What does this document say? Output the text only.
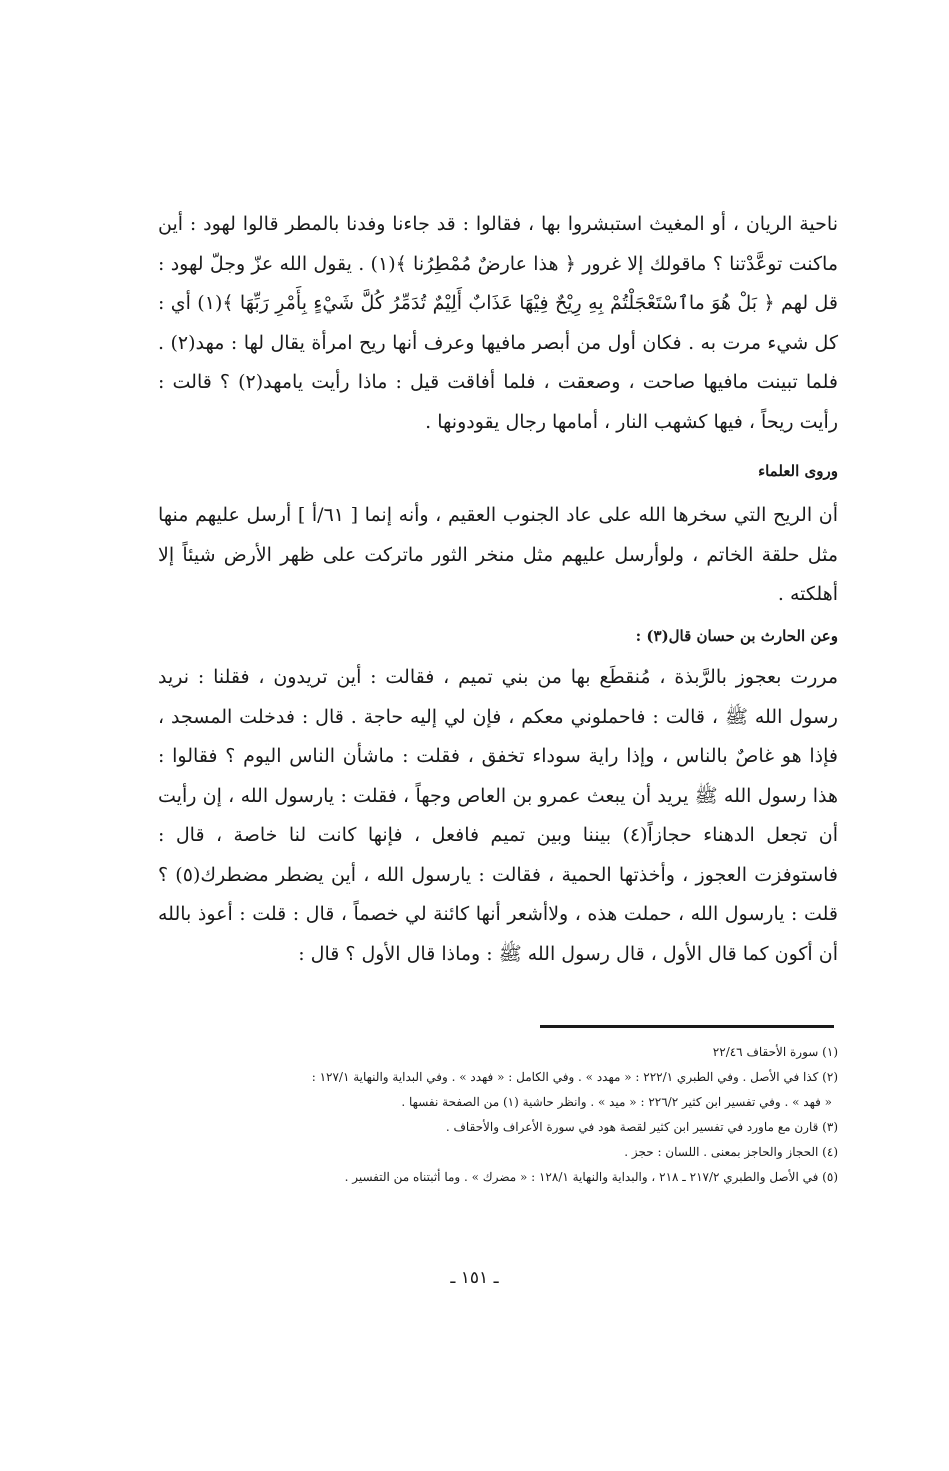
ناحية الريان ، أو المغيث استبشروا بها ، فقالوا : قد جاءنا وفدنا بالمطر قالوا لهود : أين ماكنت توعَّدْتنا ؟ ماقولك إلا غرور ﴿ هذا عارضٌ مُمْطِرُنا ﴾(١) . يقول الله عزّ وجلّ لهود : قل لهم ﴿ بَلْ هُوَ ماٱسْتَعْجَلْتُمْ بِهِ رِيْحٌ فِيْهَا عَذَابٌ أَلِيْمٌ تُدَمِّرُ كُلَّ شَيْءٍ بِأَمْرِ رَبِّهَا ﴾(١) أي : كل شيء مرت به . فكان أول من أبصر مافيها وعرف أنها ريح امرأة يقال لها : مهد(٢) . فلما تبينت مافيها صاحت ، وصعقت ، فلما أفاقت قيل : ماذا رأيت يامهد(٢) ؟ قالت : رأيت ريحاً ، فيها كشهب النار ، أمامها رجال يقودونها .

وروى العلماء

أن الريح التي سخرها الله على عاد الجنوب العقيم ، وأنه إنما [ ٦١/أ ] أرسل عليهم منها مثل حلقة الخاتم ، ولوأرسل عليهم مثل منخر الثور ماتركت على ظهر الأرض شيئاً إلا أهلكته .

وعن الحارث بن حسان قال(٣) :

مررت بعجوز بالرَّبذة ، مُنقطَع بها من بني تميم ، فقالت : أين تريدون ، فقلنا : نريد رسول الله ﷺ ، قالت : فاحملوني معكم ، فإن لي إليه حاجة . قال : فدخلت المسجد ، فإذا هو غاصٌ بالناس ، وإذا راية سوداء تخفق ، فقلت : ماشأن الناس اليوم ؟ فقالوا : هذا رسول الله ﷺ يريد أن يبعث عمرو بن العاص وجهاً ، فقلت : يارسول الله ، إن رأيت أن تجعل الدهناء حجازاً(٤) بيننا وبين تميم فافعل ، فإنها كانت لنا خاصة ، قال : فاستوفزت العجوز ، وأخذتها الحمية ، فقالت : يارسول الله ، أين يضطر مضطرك(٥) ؟ قلت : يارسول الله ، حملت هذه ، ولاأشعر أنها كائنة لي خصماً ، قال : قلت : أعوذ بالله أن أكون كما قال الأول ، قال رسول الله ﷺ : وماذا قال الأول ؟ قال :

(١) سورة الأحقاف ٢٢/٤٦
(٢) كذا في الأصل . وفي الطبري ٢٢٢/١ : « مهدد » . وفي الكامل : « فهدد » . وفي البداية والنهاية ١٢٧/١ :
« فهد » . وفي تفسير ابن كثير ٢٢٦/٢ : « ميد » . وانظر حاشية (١) من الصفحة نفسها .
(٣) قارن مع ماورد في تفسير ابن كثير لقصة هود في سورة الأعراف والأحقاف .
(٤) الحجاز والحاجز بمعنى . اللسان : حجز .
(٥) في الأصل والطبري ٢١٧/٢ ـ ٢١٨ ، والبداية والنهاية ١٢٨/١ : « مضرك » . وما أثبتناه من التفسير .
ـ ١٥١ ـ
